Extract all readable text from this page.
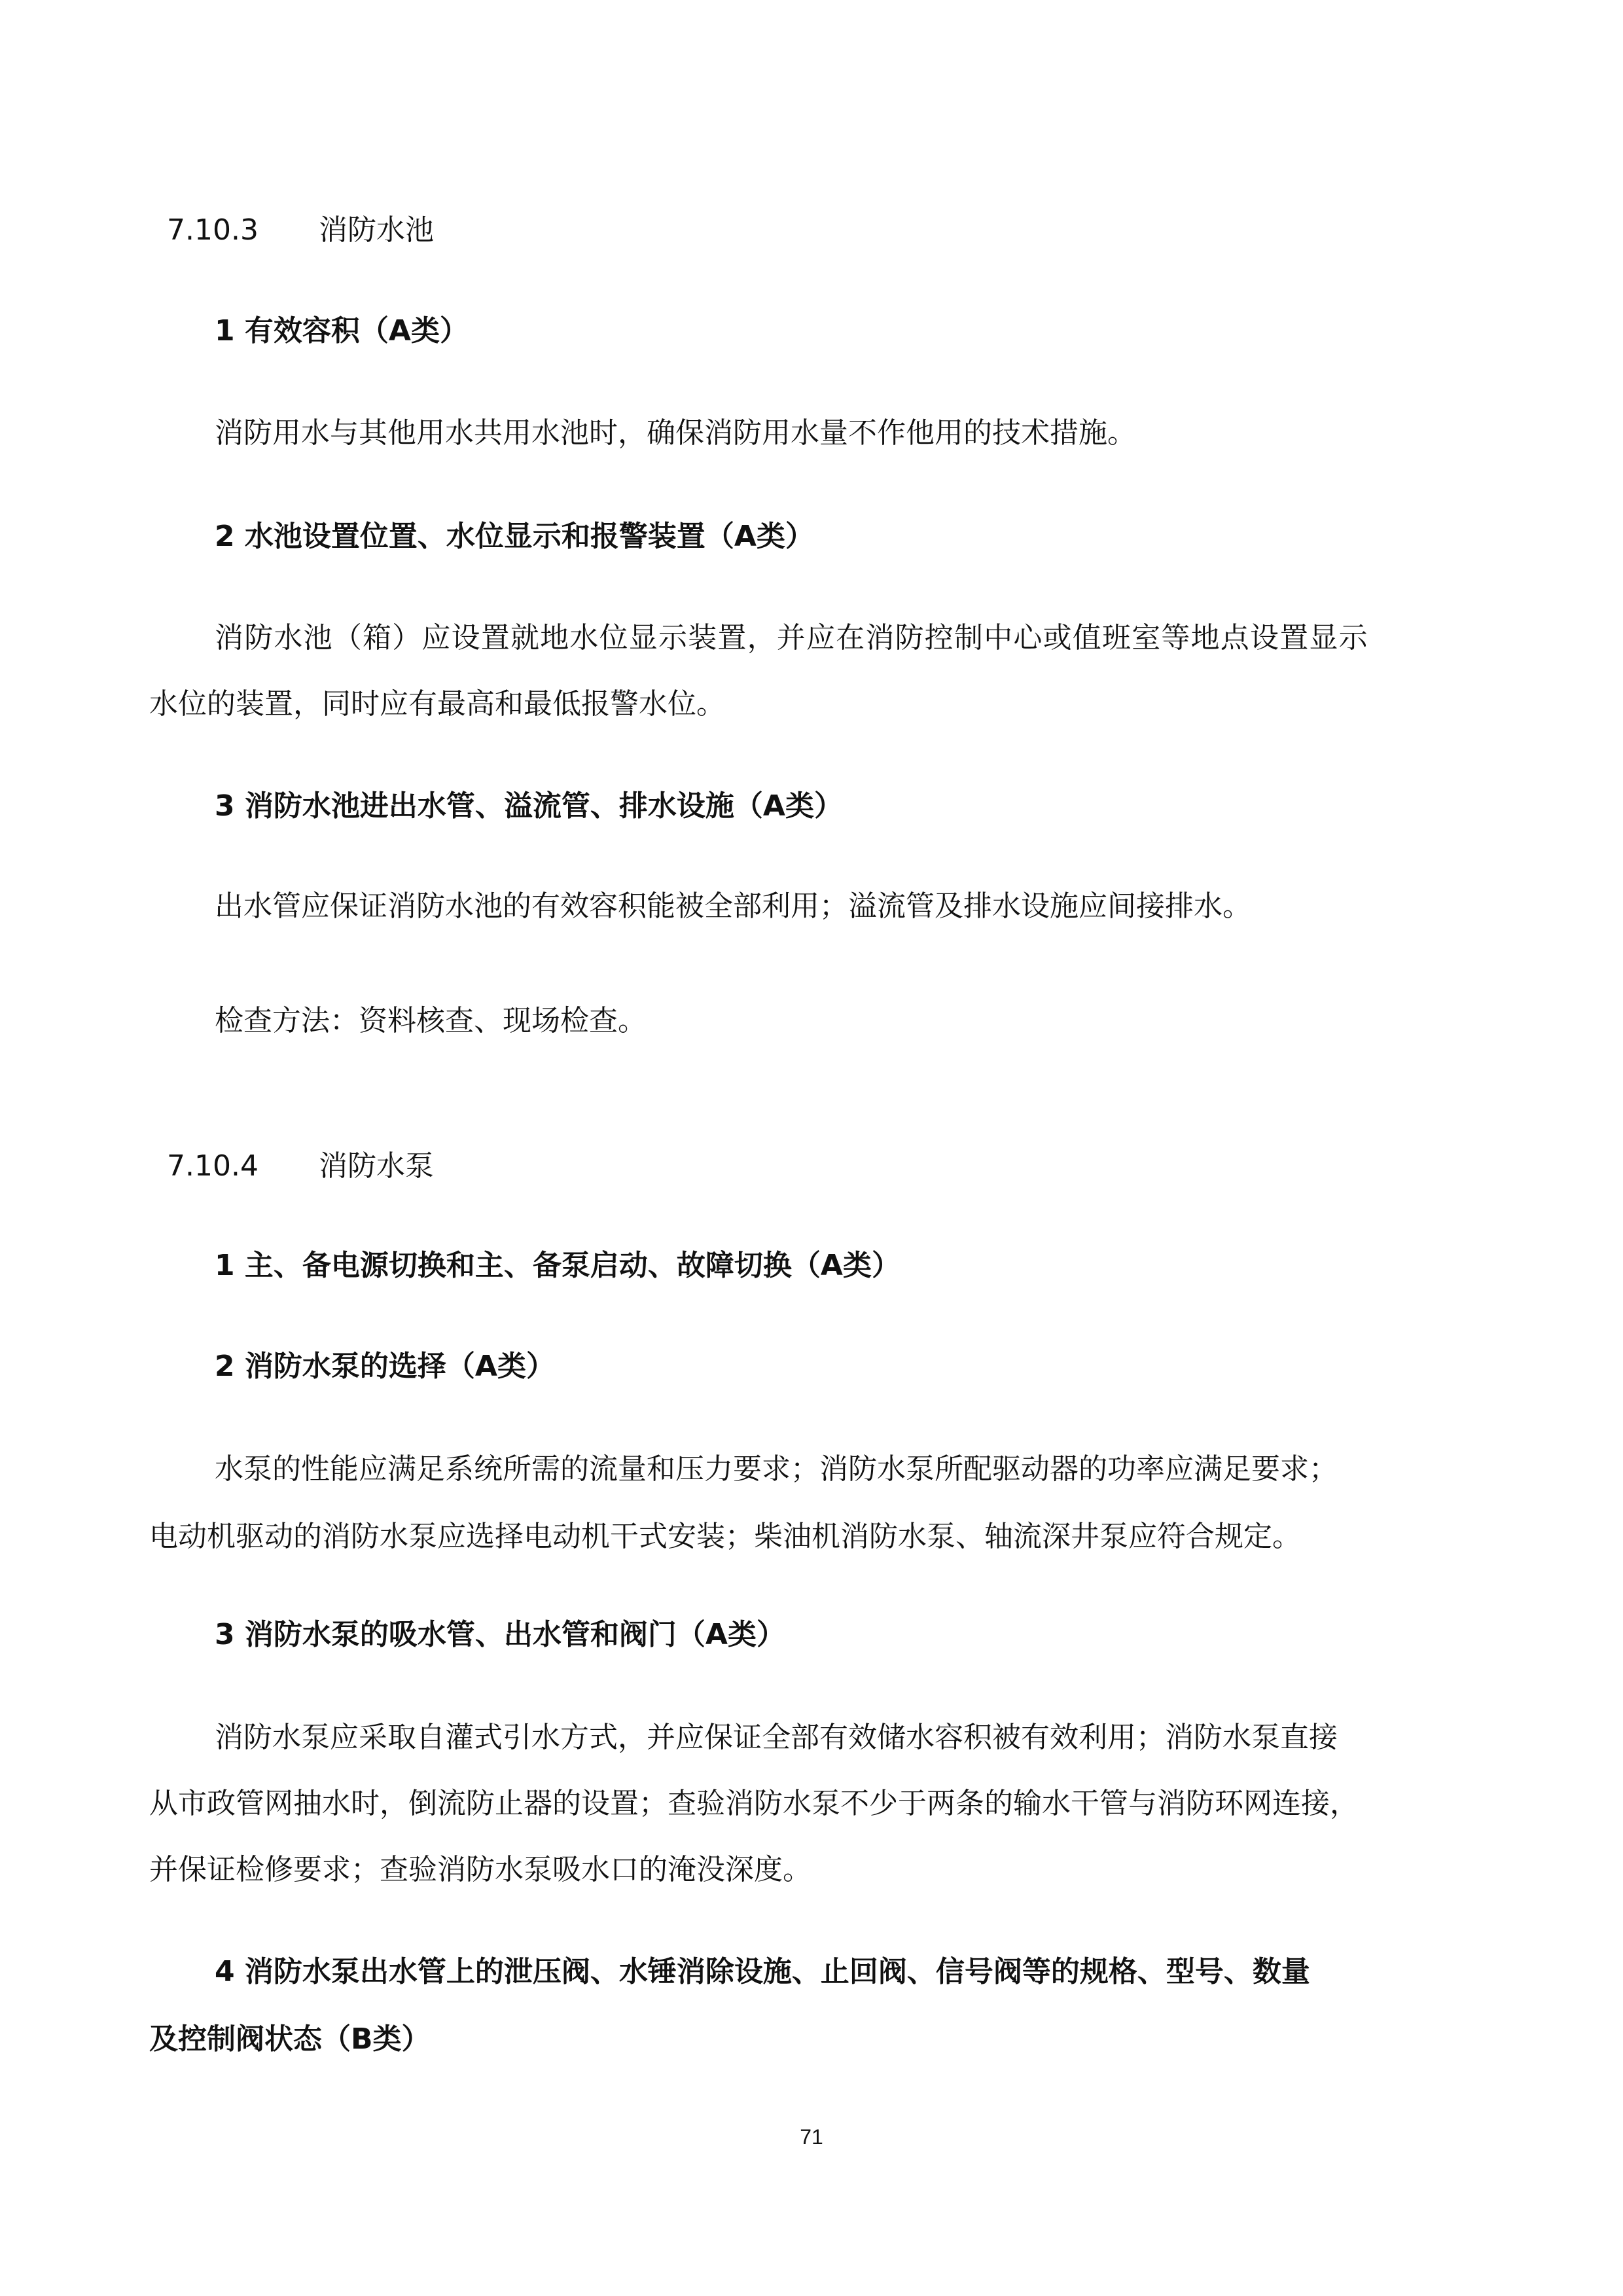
7.10.3 消防水池

1 有效容积（A类）

消防用水与其他用水共用水池时，确保消防用水量不作他用的技术措施。

2 水池设置位置、水位显示和报警装置（A类）

消防水池（箱）应设置就地水位显示装置，并应在消防控制中心或值班室等地点设置显示

水位的装置，同时应有最高和最低报警水位。

3 消防水池进出水管、溢流管、排水设施（A类）

出水管应保证消防水池的有效容积能被全部利用；溢流管及排水设施应间接排水。

检查方法：资料核查、现场检查。

7.10.4 消防水泵

1 主、备电源切换和主、备泵启动、故障切换（A类）

2 消防水泵的选择（A类）

水泵的性能应满足系统所需的流量和压力要求；消防水泵所配驱动器的功率应满足要求；

电动机驱动的消防水泵应选择电动机干式安装；柴油机消防水泵、轴流深井泵应符合规定。

3 消防水泵的吸水管、出水管和阀门（A类）

消防水泵应采取自灌式引水方式，并应保证全部有效储水容积被有效利用；消防水泵直接

从市政管网抽水时，倒流防止器的设置；查验消防水泵不少于两条的输水干管与消防环网连接，

并保证检修要求；查验消防水泵吸水口的淹没深度。

4 消防水泵出水管上的泄压阀、水锤消除设施、止回阀、信号阀等的规格、型号、数量

及控制阀状态（B类）

71
